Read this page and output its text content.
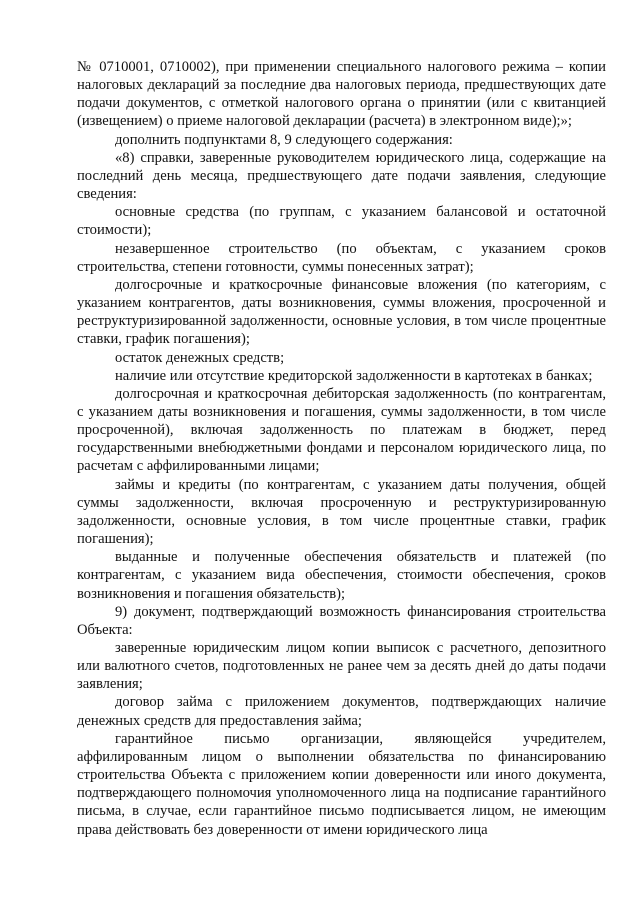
№ 0710001, 0710002), при применении специального налогового режима – копии налоговых деклараций за последние два налоговых периода, предшествующих дате подачи документов, с отметкой налогового органа о принятии (или с квитанцией (извещением) о приеме налоговой декларации (расчета) в электронном виде);»;

дополнить подпунктами 8, 9 следующего содержания:

«8) справки, заверенные руководителем юридического лица, содержащие на последний день месяца, предшествующего дате подачи заявления, следующие сведения:

основные средства (по группам, с указанием балансовой и остаточной стоимости);

незавершенное строительство (по объектам, с указанием сроков строительства, степени готовности, суммы понесенных затрат);

долгосрочные и краткосрочные финансовые вложения (по категориям, с указанием контрагентов, даты возникновения, суммы вложения, просроченной и реструктуризированной задолженности, основные условия, в том числе процентные ставки, график погашения);

остаток денежных средств;

наличие или отсутствие кредиторской задолженности в картотеках в банках;

долгосрочная и краткосрочная дебиторская задолженность (по контрагентам, с указанием даты возникновения и погашения, суммы задолженности, в том числе просроченной), включая задолженность по платежам в бюджет, перед государственными внебюджетными фондами и персоналом юридического лица, по расчетам с аффилированными лицами;

займы и кредиты (по контрагентам, с указанием даты получения, общей суммы задолженности, включая просроченную и реструктуризированную задолженности, основные условия, в том числе процентные ставки, график погашения);

выданные и полученные обеспечения обязательств и платежей (по контрагентам, с указанием вида обеспечения, стоимости обеспечения, сроков возникновения и погашения обязательств);

9) документ, подтверждающий возможность финансирования строительства Объекта:

заверенные юридическим лицом копии выписок с расчетного, депозитного или валютного счетов, подготовленных не ранее чем за десять дней до даты подачи заявления;

договор займа с приложением документов, подтверждающих наличие денежных средств для предоставления займа;

гарантийное письмо организации, являющейся учредителем, аффилированным лицом о выполнении обязательства по финансированию строительства Объекта с приложением копии доверенности или иного документа, подтверждающего полномочия уполномоченного лица на подписание гарантийного письма, в случае, если гарантийное письмо подписывается лицом, не имеющим права действовать без доверенности от имени юридического лица
